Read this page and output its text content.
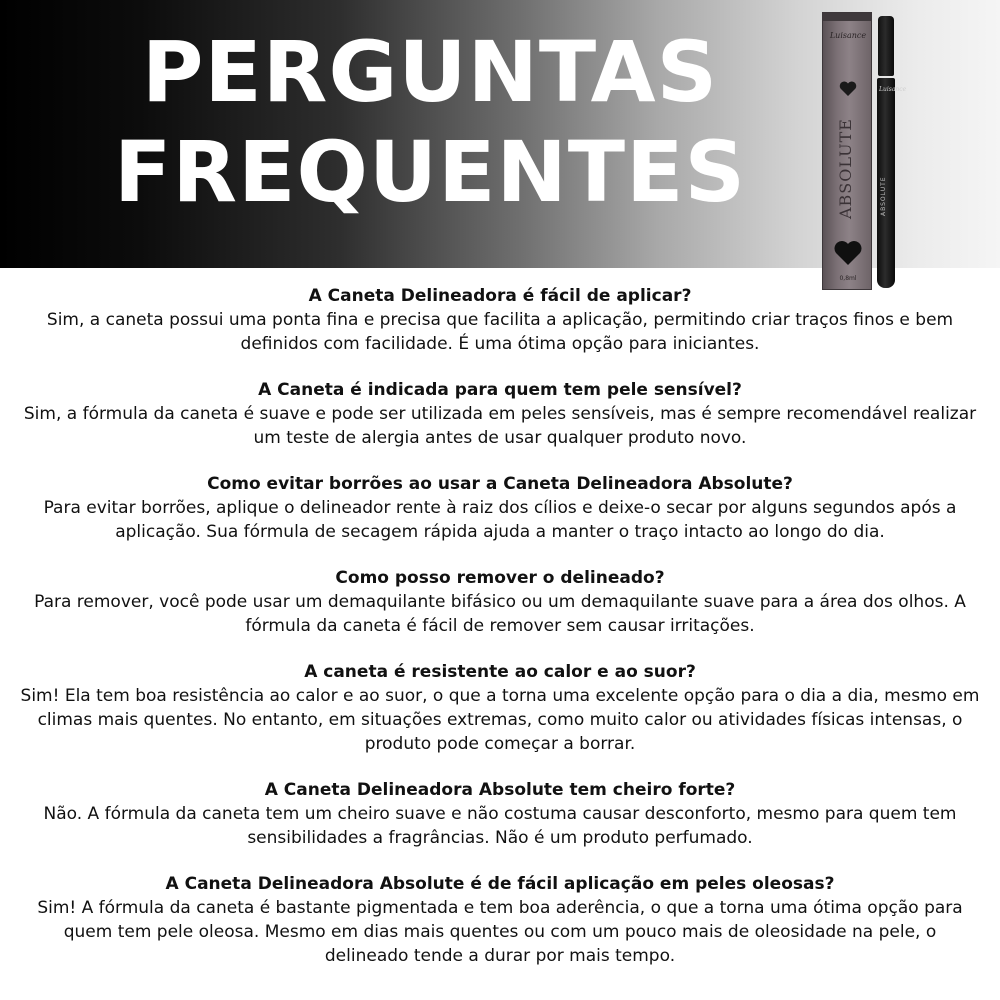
PERGUNTAS
FREQUENTES
Luisance
ABSOLUTE
0,8ml
Luisance
ABSOLUTE
A Caneta Delineadora é fácil de aplicar?
Sim, a caneta possui uma ponta fina e precisa que facilita a aplicação, permitindo criar traços finos e bem definidos com facilidade. É uma ótima opção para iniciantes.
A Caneta é indicada para quem tem pele sensível?
Sim, a fórmula da caneta é suave e pode ser utilizada em peles sensíveis, mas é sempre recomendável realizar um teste de alergia antes de usar qualquer produto novo.
Como evitar borrões ao usar a Caneta Delineadora Absolute?
Para evitar borrões, aplique o delineador rente à raiz dos cílios e deixe-o secar por alguns segundos após a aplicação. Sua fórmula de secagem rápida ajuda a manter o traço intacto ao longo do dia.
Como posso remover o delineado?
Para remover, você pode usar um demaquilante bifásico ou um demaquilante suave para a área dos olhos. A fórmula da caneta é fácil de remover sem causar irritações.
A caneta é resistente ao calor e ao suor?
Sim! Ela tem boa resistência ao calor e ao suor, o que a torna uma excelente opção para o dia a dia, mesmo em climas mais quentes. No entanto, em situações extremas, como muito calor ou atividades físicas intensas, o produto pode começar a borrar.
A Caneta Delineadora Absolute tem cheiro forte?
Não. A fórmula da caneta tem um cheiro suave e não costuma causar desconforto, mesmo para quem tem sensibilidades a fragrâncias. Não é um produto perfumado.
A Caneta Delineadora Absolute é de fácil aplicação em peles oleosas?
Sim! A fórmula da caneta é bastante pigmentada e tem boa aderência, o que a torna uma ótima opção para quem tem pele oleosa. Mesmo em dias mais quentes ou com um pouco mais de oleosidade na pele, o delineado tende a durar por mais tempo.
